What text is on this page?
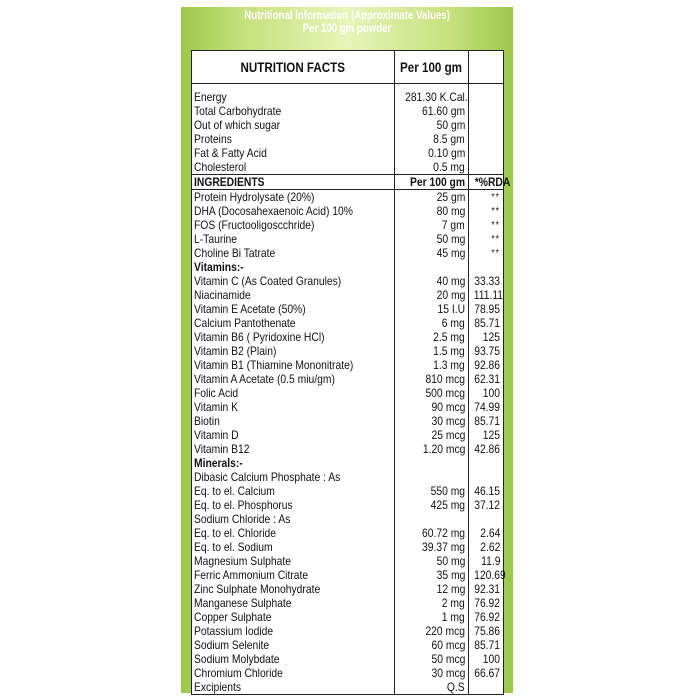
Nutritional Information (Approximate Values)
Per 100 gm powder
NUTRITION FACTS	Per 100 gm	

Energy	281.30 K.Cal.	
Total Carbohydrate	61.60 gm	
Out of which sugar	50 gm	
Proteins	8.5 gm	
Fat & Fatty Acid	0.10 gm	
Cholesterol	0.5 mg	
INGREDIENTS	Per 100 gm	*%RDA
Protein Hydrolysate (20%)	25 gm	**
DHA (Docosahexaenoic Acid) 10%	80 mg	**
FOS (Fructooligoscchride)	7 gm	**
L-Taurine	50 mg	**
Choline Bi Tatrate	45 mg	**
Vitamins:-		
Vitamin C (As Coated Granules)	40 mg	33.33
Niacinamide	20 mg	111.11
Vitamin E Acetate (50%)	15 I.U	78.95
Calcium Pantothenate	6 mg	85.71
Vitamin B6 ( Pyridoxine HCl)	2.5 mg	125
Vitamin B2 (Plain)	1.5 mg	93.75
Vitamin B1 (Thiamine Mononitrate)	1.3 mg	92.86
Vitamin A Acetate (0.5 miu/gm)	810 mcg	62.31
Folic Acid	500 mcg	100
Vitamin K	90 mcg	74.99
Biotin	30 mcg	85.71
Vitamin D	25 mcg	125
Vitamin B12	1.20 mcg	42.86
Minerals:-		
Dibasic Calcium Phosphate : As		
Eq. to el. Calcium	550 mg	46.15
Eq. to el. Phosphorus	425 mg	37.12
Sodium Chloride : As		
Eq. to el. Chloride	60.72 mg	2.64
Eq. to el. Sodium	39.37 mg	2.62
Magnesium Sulphate	50 mg	11.9
Ferric Ammonium Citrate	35 mg	120.69
Zinc Sulphate Monohydrate	12 mg	92.31
Manganese Sulphate	2 mg	76.92
Copper Sulphate	1 mg	76.92
Potassium Iodide	220 mcg	75.86
Sodium Selenite	60 mcg	85.71
Sodium Molybdate	50 mcg	100
Chromium Chloride	30 mcg	66.67
Excipients	Q.S	
